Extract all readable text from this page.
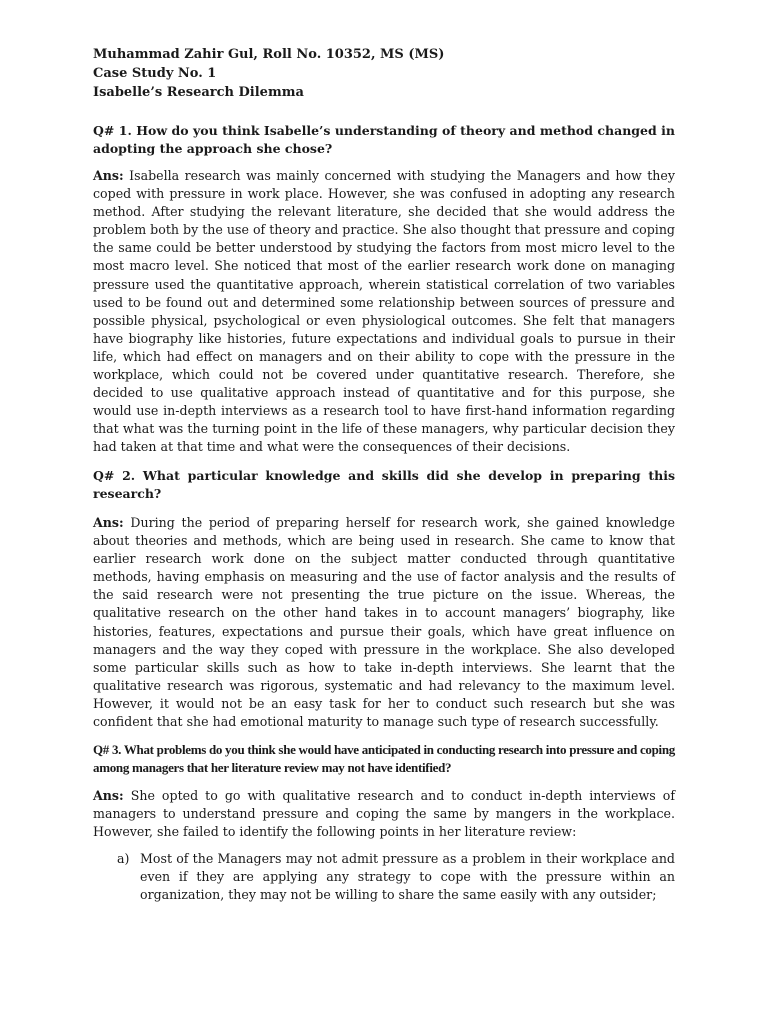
Muhammad Zahir Gul, Roll No. 10352, MS (MS)
Case Study No. 1
Isabelle’s Research Dilemma
Q# 1. How do you think Isabelle’s understanding of theory and method changed in adopting the approach she chose?
Ans: Isabella research was mainly concerned with studying the Managers and how they coped with pressure in work place. However, she was confused in adopting any research method. After studying the relevant literature, she decided that she would address the problem both by the use of theory and practice. She also thought that pressure and coping the same could be better understood by studying the factors from most micro level to the most macro level. She noticed that most of the earlier research work done on managing pressure used the quantitative approach, wherein statistical correlation of two variables used to be found out and determined some relationship between sources of pressure and possible physical, psychological or even physiological outcomes. She felt that managers have biography like histories, future expectations and individual goals to pursue in their life, which had effect on managers and on their ability to cope with the pressure in the workplace, which could not be covered under quantitative research. Therefore, she decided to use qualitative approach instead of quantitative and for this purpose, she would use in-depth interviews as a research tool to have first-hand information regarding that what was the turning point in the life of these managers, why particular decision they had taken at that time and what were the consequences of their decisions.
Q# 2. What particular knowledge and skills did she develop in preparing this research?
Ans: During the period of preparing herself for research work, she gained knowledge about theories and methods, which are being used in research. She came to know that earlier research work done on the subject matter conducted through quantitative methods, having emphasis on measuring and the use of factor analysis and the results of the said research were not presenting the true picture on the issue. Whereas, the qualitative research on the other hand takes in to account managers’ biography, like histories, features, expectations and pursue their goals, which have great influence on managers and the way they coped with pressure in the workplace. She also developed some particular skills such as how to take in-depth interviews. She learnt that the qualitative research was rigorous, systematic and had relevancy to the maximum level. However, it would not be an easy task for her to conduct such research but she was confident that she had emotional maturity to manage such type of research successfully.
Q# 3. What problems do you think she would have anticipated in conducting research into pressure and coping among managers that her literature review may not have identified?
Ans: She opted to go with qualitative research and to conduct in-depth interviews of managers to understand pressure and coping the same by mangers in the workplace. However, she failed to identify the following points in her literature review:
a) Most of the Managers may not admit pressure as a problem in their workplace and even if they are applying any strategy to cope with the pressure within an organization, they may not be willing to share the same easily with any outsider;
